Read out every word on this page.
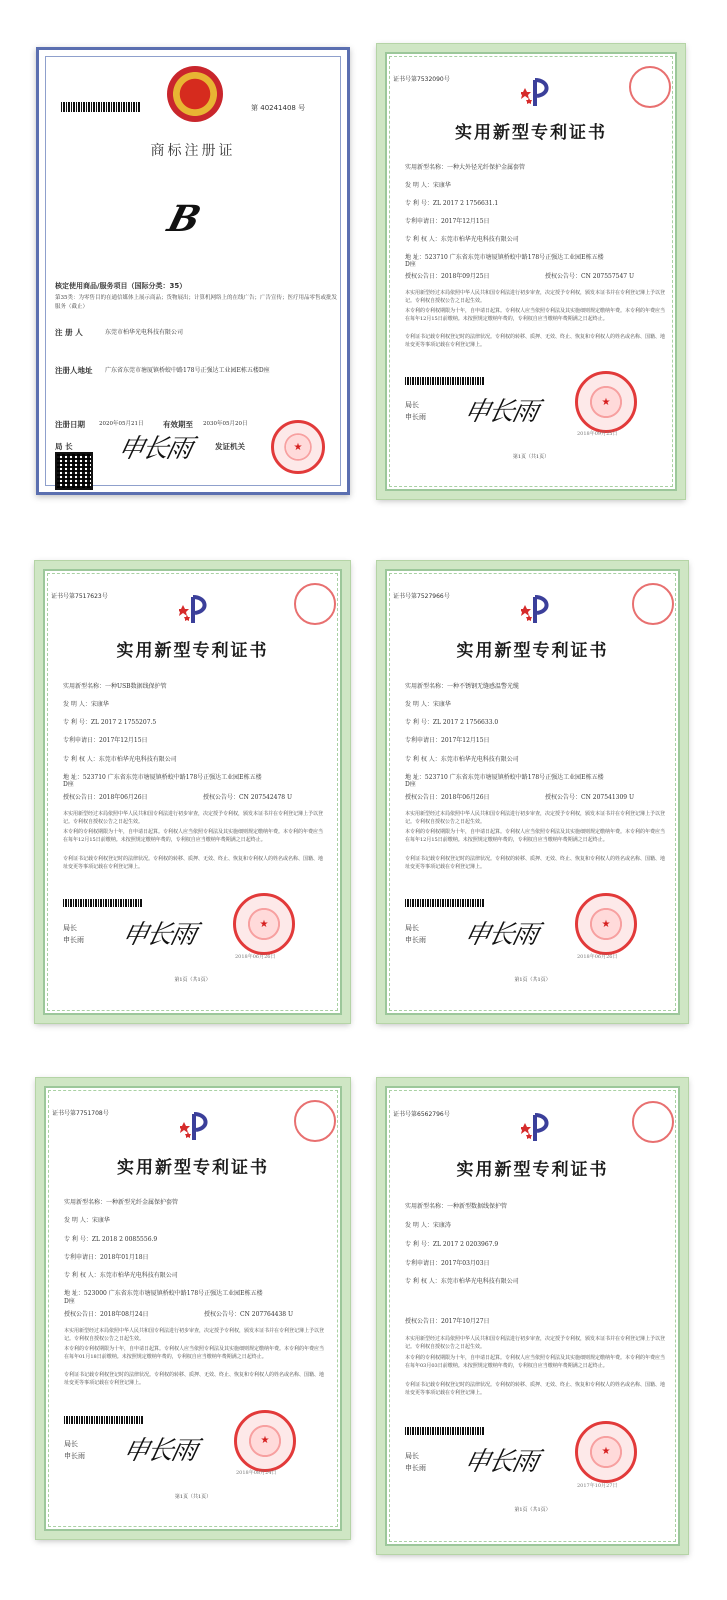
第 40241408 号
商标注册证
B
核定使用商品/服务项目（国际分类：35）
第35类：为零售目的在通信媒体上展示商品；货物展出；计算机网络上的在线广告；广告宣传；医疗用品零售或批发服务（截止）
注 册 人	东莞市柏华光电科技有限公司
注册人地址 广东省东莞市塘厦镇桥蛟中路178号正强达工业园E栋五楼D座
注册日期	2020年05月21日	有效期至 2030年05月20日
局 长 申长雨	★
发证机关
证书号第7532090号
实用新型专利证书
实用新型名称：一种大外径光纤保护金属套管
发 明 人：宋康华
专 利 号：ZL 2017 2 1756631.1
专利申请日：2017年12月15日
专 利 权 人：东莞市柏华光电科技有限公司
地 址：523710 广东省东莞市塘厦镇桥蛟中路178号正强达工业园E栋五楼D座
授权公告日：2018年09月25日	授权公告号：CN 207557547 U
本实用新型经过本局依照中华人民共和国专利法进行初步审查，决定授予专利权，颁发本证书并在专利登记簿上予以登记。专利权自授权公告之日起生效。
本专利的专利权期限为十年，自申请日起算。专利权人应当依照专利法及其实施细则规定缴纳年费。本专利的年费应当在每年12月15日前缴纳。未按照规定缴纳年费的，专利权自应当缴纳年费期满之日起终止。
专利证书记载专利权登记时的法律状况。专利权的转移、质押、无效、终止、恢复和专利权人的姓名或名称、国籍、地址变更等事项记载在专利登记簿上。
局长
申长雨 申长雨	★
2018年09月25日
第1页（共1页）
证书号第7517623号
实用新型专利证书
实用新型名称：一种USB数据线保护管
发 明 人：宋康华
专 利 号：ZL 2017 2 1755207.5
专利申请日：2017年12月15日
专 利 权 人：东莞市柏华光电科技有限公司
地 址：523710 广东省东莞市塘厦镇桥蛟中路178号正强达工业园E栋五楼D座
授权公告日：2018年06月26日	授权公告号：CN 207542478 U
本实用新型经过本局依照中华人民共和国专利法进行初步审查，决定授予专利权，颁发本证书并在专利登记簿上予以登记。专利权自授权公告之日起生效。
本专利的专利权期限为十年，自申请日起算。专利权人应当依照专利法及其实施细则规定缴纳年费。本专利的年费应当在每年12月15日前缴纳。未按照规定缴纳年费的，专利权自应当缴纳年费期满之日起终止。
专利证书记载专利权登记时的法律状况。专利权的转移、质押、无效、终止、恢复和专利权人的姓名或名称、国籍、地址变更等事项记载在专利登记簿上。
局长
申长雨 申长雨	★
2018年06月26日
第1页（共1页）
证书号第7527966号
实用新型专利证书
实用新型名称：一种不锈钢无缝感温警光缆
发 明 人：宋康华
专 利 号：ZL 2017 2 1756633.0
专利申请日：2017年12月15日
专 利 权 人：东莞市柏华光电科技有限公司
地 址：523710 广东省东莞市塘厦镇桥蛟中路178号正强达工业园E栋五楼D座
授权公告日：2018年06月26日	授权公告号：CN 207541309 U
本实用新型经过本局依照中华人民共和国专利法进行初步审查，决定授予专利权，颁发本证书并在专利登记簿上予以登记。专利权自授权公告之日起生效。
本专利的专利权期限为十年，自申请日起算。专利权人应当依照专利法及其实施细则规定缴纳年费。本专利的年费应当在每年12月15日前缴纳。未按照规定缴纳年费的，专利权自应当缴纳年费期满之日起终止。
专利证书记载专利权登记时的法律状况。专利权的转移、质押、无效、终止、恢复和专利权人的姓名或名称、国籍、地址变更等事项记载在专利登记簿上。
局长
申长雨 申长雨	★
2018年06月26日
第1页（共1页）
证书号第7751708号
实用新型专利证书
实用新型名称：一种新型光纤金属保护套管
发 明 人：宋康华
专 利 号：ZL 2018 2 0085556.9
专利申请日：2018年01月18日
专 利 权 人：东莞市柏华光电科技有限公司
地 址：523000 广东省东莞市塘厦镇桥蛟中路178号正强达工业园E栋五楼D座
授权公告日：2018年08月24日	授权公告号：CN 207764438 U
本实用新型经过本局依照中华人民共和国专利法进行初步审查，决定授予专利权，颁发本证书并在专利登记簿上予以登记。专利权自授权公告之日起生效。
本专利的专利权期限为十年，自申请日起算。专利权人应当依照专利法及其实施细则规定缴纳年费。本专利的年费应当在每年01月18日前缴纳。未按照规定缴纳年费的，专利权自应当缴纳年费期满之日起终止。
专利证书记载专利权登记时的法律状况。专利权的转移、质押、无效、终止、恢复和专利权人的姓名或名称、国籍、地址变更等事项记载在专利登记簿上。
局长
申长雨 申长雨	★
2018年08月24日
第1页（共1页）
证书号第6562796号
实用新型专利证书
实用新型名称：一种新型数据线保护管
发 明 人：宋康涛
专 利 号：ZL 2017 2 0203967.9
专利申请日：2017年03月03日
专 利 权 人：东莞市柏华光电科技有限公司
授权公告日：2017年10月27日
本实用新型经过本局依照中华人民共和国专利法进行初步审查，决定授予专利权，颁发本证书并在专利登记簿上予以登记。专利权自授权公告之日起生效。
本专利的专利权期限为十年，自申请日起算。专利权人应当依照专利法及其实施细则规定缴纳年费。本专利的年费应当在每年03月03日前缴纳。未按照规定缴纳年费的，专利权自应当缴纳年费期满之日起终止。
专利证书记载专利权登记时的法律状况。专利权的转移、质押、无效、终止、恢复和专利权人的姓名或名称、国籍、地址变更等事项记载在专利登记簿上。
局长
申长雨 申长雨	★
2017年10月27日
第1页（共1页）
